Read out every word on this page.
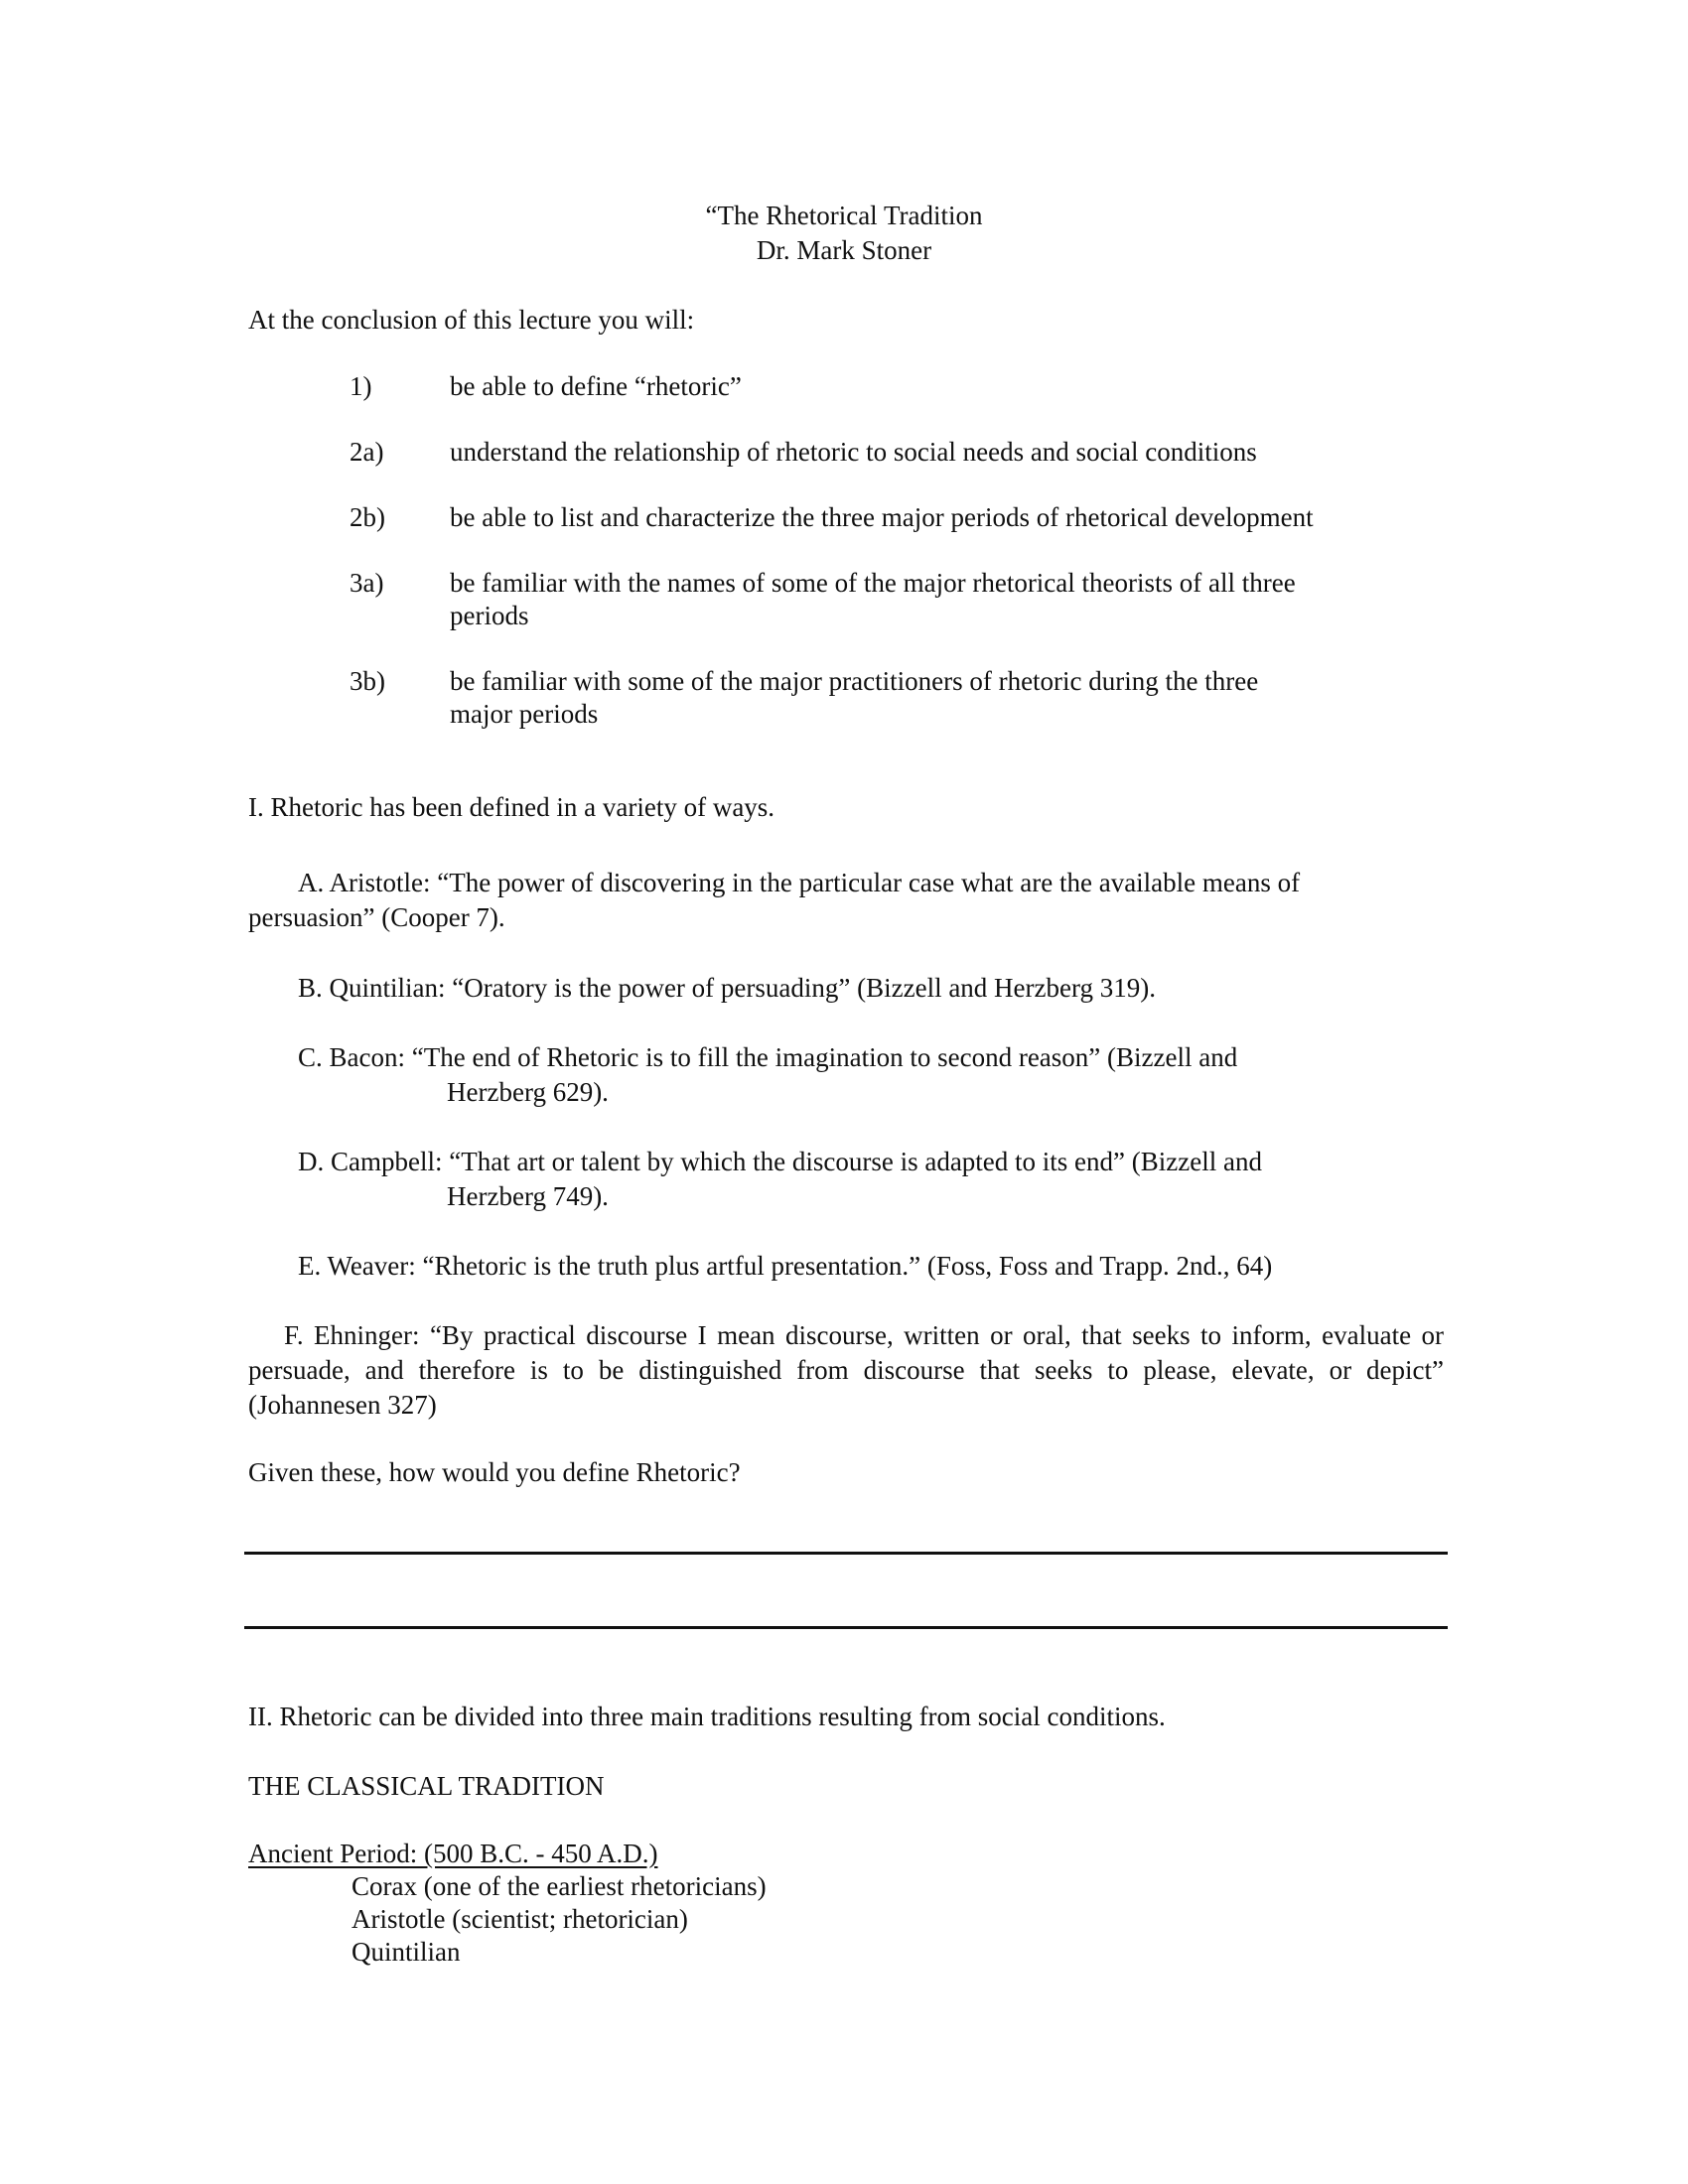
“The Rhetorical Tradition
Dr. Mark Stoner
At the conclusion of this lecture you will:
1)	be able to define “rhetoric”
2a) understand the relationship of rhetoric to social needs and social conditions
2b) be able to list and characterize the three major periods of rhetorical development
3a) be familiar with the names of some of the major rhetorical theorists of all three
periods
3b) be familiar with some of the major practitioners of rhetoric during the three
major periods
I. Rhetoric has been defined in a variety of ways.
A. Aristotle: “The power of discovering in the particular case what are the available means of
persuasion” (Cooper 7).
B. Quintilian: “Oratory is the power of persuading” (Bizzell and Herzberg 319).
C. Bacon: “The end of Rhetoric is to fill the imagination to second reason” (Bizzell and
Herzberg 629).
D. Campbell: “That art or talent by which the discourse is adapted to its end” (Bizzell and
Herzberg 749).
E. Weaver: “Rhetoric is the truth plus artful presentation.” (Foss, Foss and Trapp. 2nd., 64)
F. Ehninger: “By practical discourse I mean discourse, written or oral, that seeks to inform, evaluate or persuade, and therefore is to be distinguished from discourse that seeks to please, elevate, or depict” (Johannesen 327)
Given these, how would you define Rhetoric?
II. Rhetoric can be divided into three main traditions resulting from social conditions.
THE CLASSICAL TRADITION
Ancient Period: (500 B.C. - 450 A.D.)
Corax (one of the earliest rhetoricians)
Aristotle (scientist; rhetorician)
Quintilian
